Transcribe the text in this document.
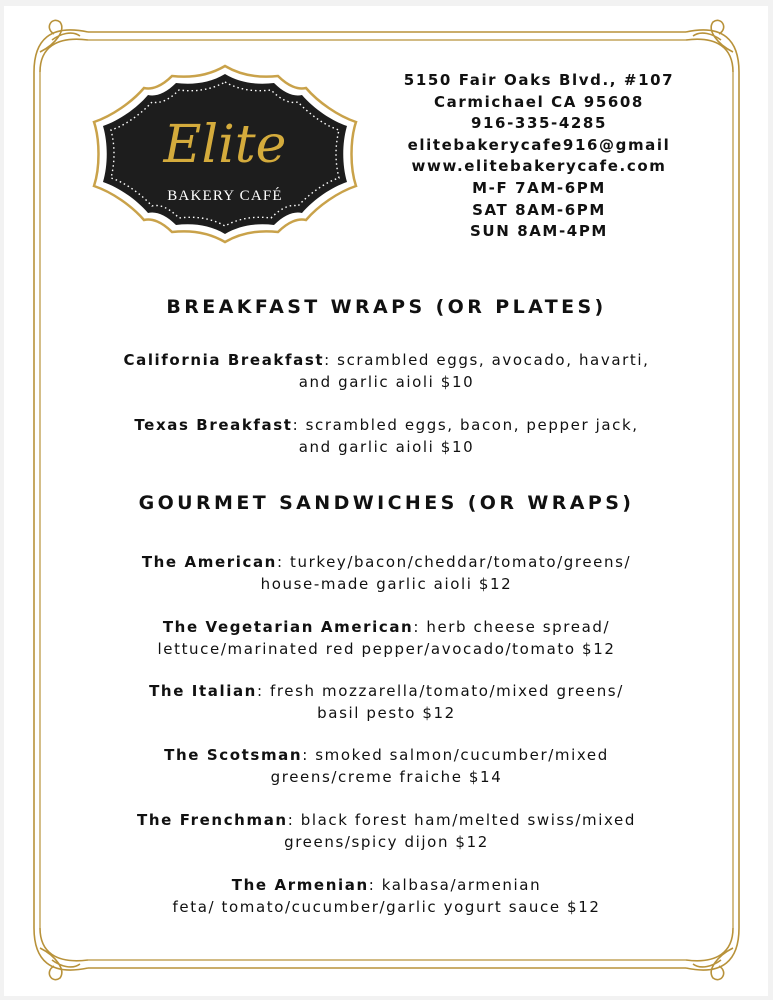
Elite
BAKERY CAFÉ
5150 Fair Oaks Blvd., #107
Carmichael CA 95608
916-335-4285
elitebakerycafe916@gmail
www.elitebakerycafe.com
M-F 7AM-6PM
SAT 8AM-6PM
SUN 8AM-4PM
BREAKFAST WRAPS (OR PLATES)
California Breakfast: scrambled eggs, avocado, havarti,
and garlic aioli $10
Texas Breakfast: scrambled eggs, bacon, pepper jack,
and garlic aioli $10
GOURMET SANDWICHES (OR WRAPS)
The American: turkey/bacon/cheddar/tomato/greens/
house-made garlic aioli $12
The Vegetarian American: herb cheese spread/
lettuce/marinated red pepper/avocado/tomato $12
The Italian: fresh mozzarella/tomato/mixed greens/
basil pesto $12
The Scotsman: smoked salmon/cucumber/mixed
greens/creme fraiche $14
The Frenchman: black forest ham/melted swiss/mixed
greens/spicy dijon $12
The Armenian: kalbasa/armenian
feta/ tomato/cucumber/garlic yogurt sauce $12
